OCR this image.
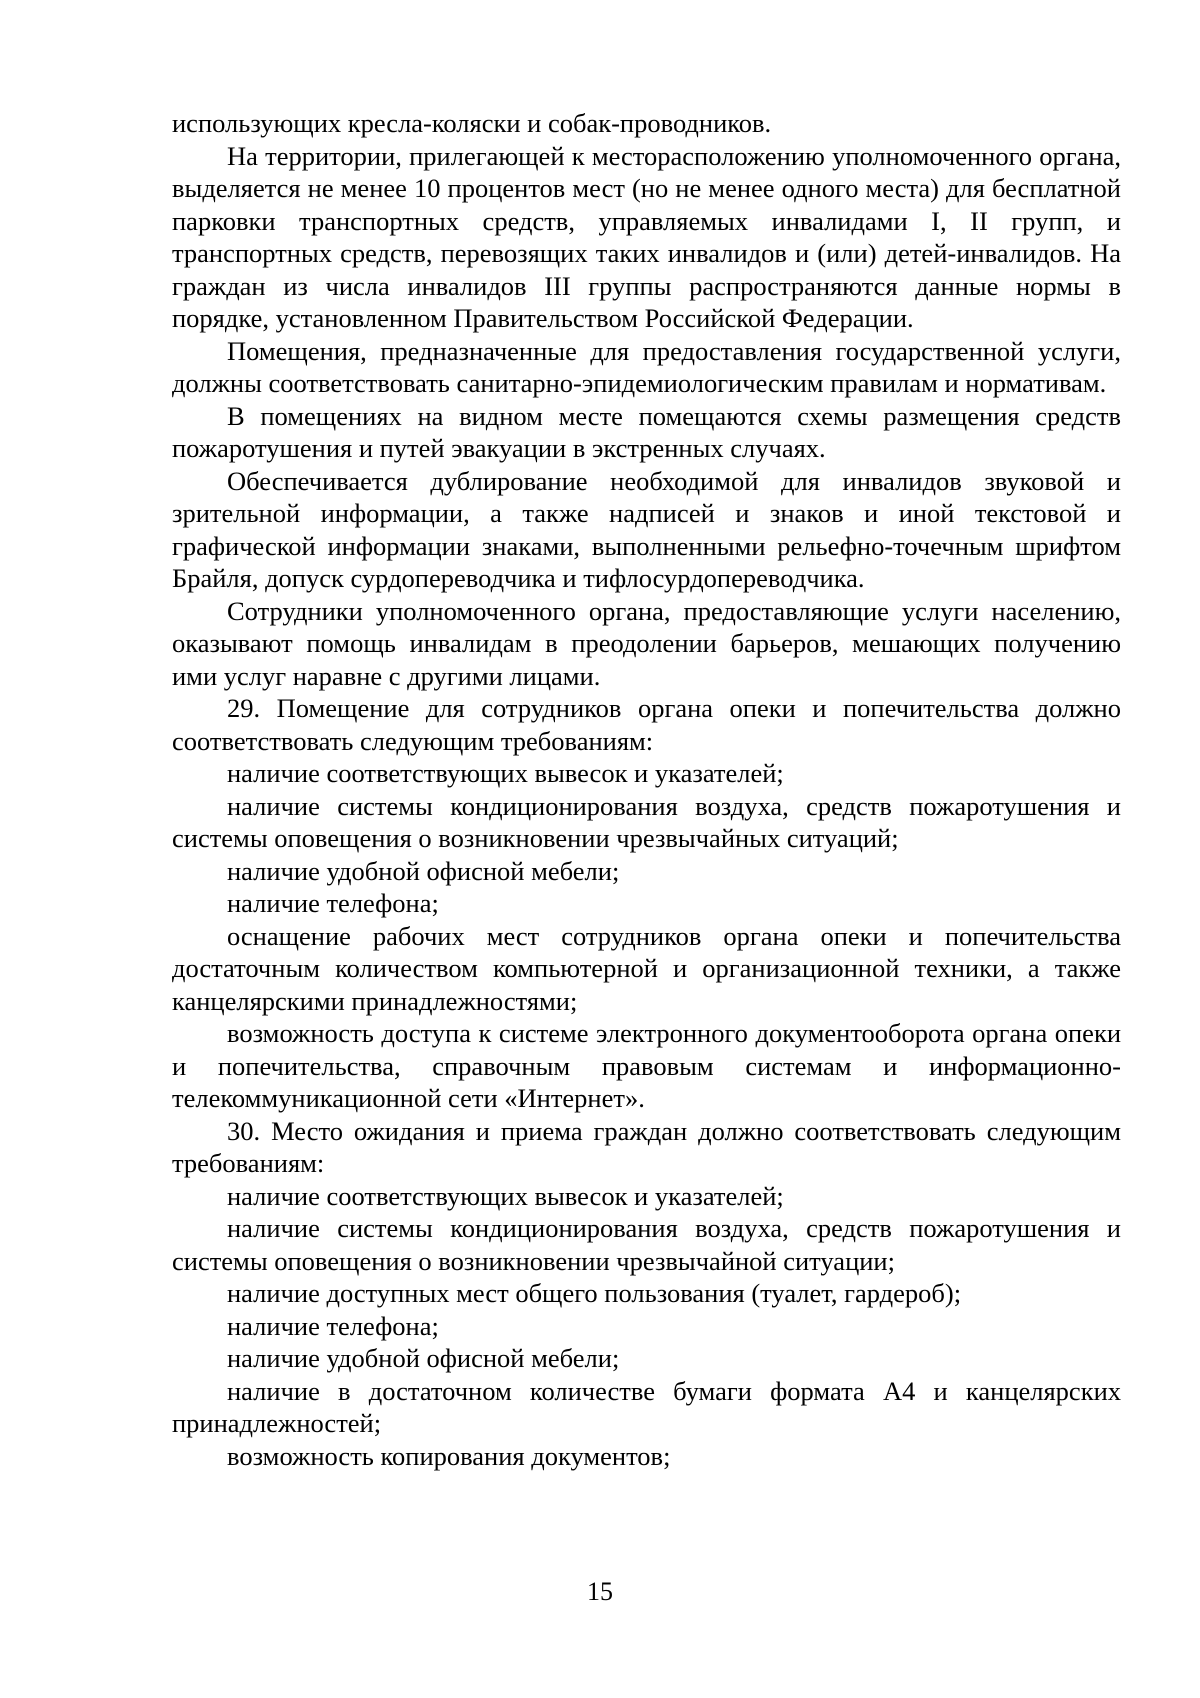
использующих кресла-коляски и собак-проводников.

На территории, прилегающей к месторасположению уполномоченного органа, выделяется не менее 10 процентов мест (но не менее одного места) для бесплатной парковки транспортных средств, управляемых инвалидами I, II групп, и транспортных средств, перевозящих таких инвалидов и (или) детей-инвалидов. На граждан из числа инвалидов III группы распространяются данные нормы в порядке, установленном Правительством Российской Федерации.

Помещения, предназначенные для предоставления государственной услуги, должны соответствовать санитарно-эпидемиологическим правилам и нормативам.

В помещениях на видном месте помещаются схемы размещения средств пожаротушения и путей эвакуации в экстренных случаях.

Обеспечивается дублирование необходимой для инвалидов звуковой и зрительной информации, а также надписей и знаков и иной текстовой и графической информации знаками, выполненными рельефно-точечным шрифтом Брайля, допуск сурдопереводчика и тифлосурдопереводчика.

Сотрудники уполномоченного органа, предоставляющие услуги населению, оказывают помощь инвалидам в преодолении барьеров, мешающих получению ими услуг наравне с другими лицами.

29. Помещение для сотрудников органа опеки и попечительства должно соответствовать следующим требованиям:

наличие соответствующих вывесок и указателей;

наличие системы кондиционирования воздуха, средств пожаротушения и системы оповещения о возникновении чрезвычайных ситуаций;

наличие удобной офисной мебели;

наличие телефона;

оснащение рабочих мест сотрудников органа опеки и попечительства достаточным количеством компьютерной и организационной техники, а также канцелярскими принадлежностями;

возможность доступа к системе электронного документооборота органа опеки и попечительства, справочным правовым системам и информационно-телекоммуникационной сети «Интернет».

30. Место ожидания и приема граждан должно соответствовать следующим требованиям:

наличие соответствующих вывесок и указателей;

наличие системы кондиционирования воздуха, средств пожаротушения и системы оповещения о возникновении чрезвычайной ситуации;

наличие доступных мест общего пользования (туалет, гардероб);

наличие телефона;

наличие удобной офисной мебели;

наличие в достаточном количестве бумаги формата А4 и канцелярских принадлежностей;

возможность копирования документов;

15
